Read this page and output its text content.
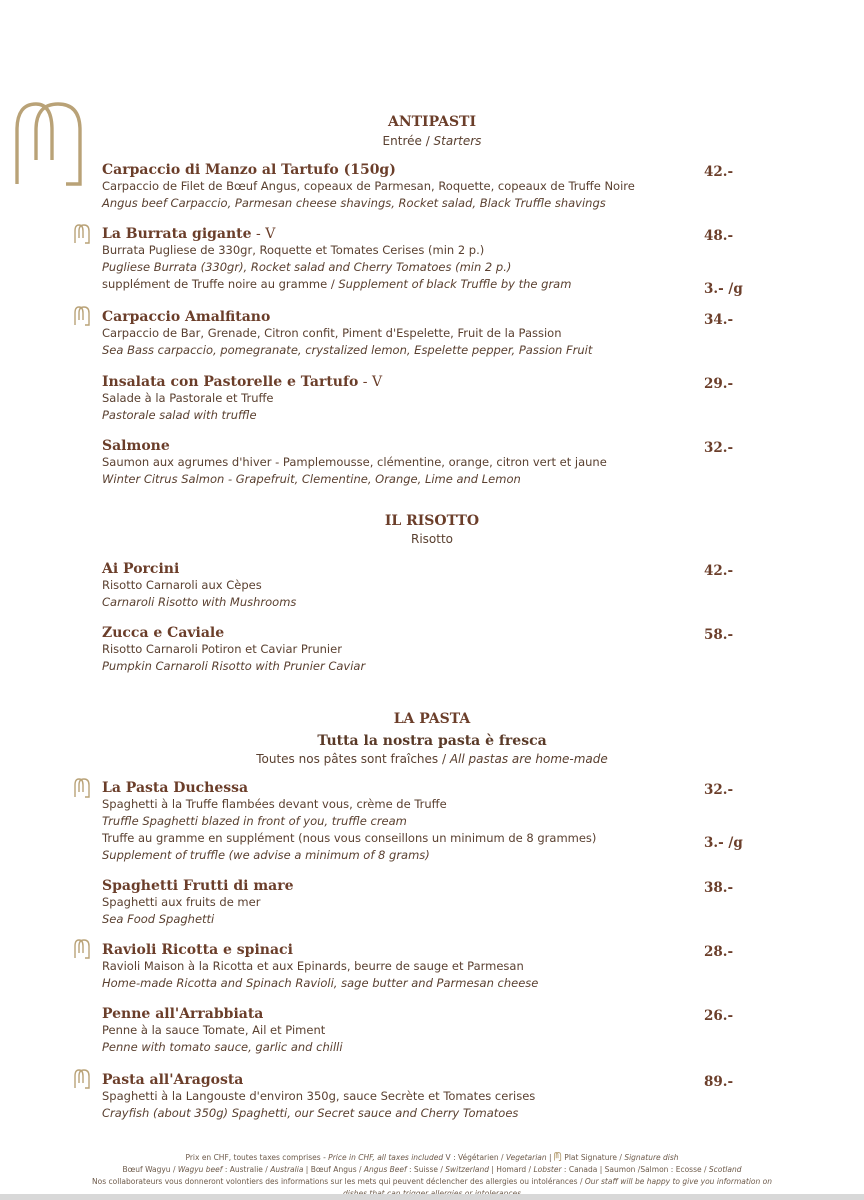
ANTIPASTI
Entrée / Starters
Carpaccio di Manzo al Tartufo (150g)
Carpaccio de Filet de Bœuf Angus, copeaux de Parmesan, Roquette, copeaux de Truffe Noire
Angus beef Carpaccio, Parmesan cheese shavings, Rocket salad, Black Truffle shavings
42.-
La Burrata gigante - V
Burrata Pugliese de 330gr, Roquette et Tomates Cerises (min 2 p.)
Pugliese Burrata (330gr), Rocket salad and Cherry Tomatoes (min 2 p.)
supplément de Truffe noire au gramme / Supplement of black Truffle by the gram
48.-
3.- /g
Carpaccio Amalfitano
Carpaccio de Bar, Grenade, Citron confit, Piment d'Espelette, Fruit de la Passion
Sea Bass carpaccio, pomegranate, crystalized lemon, Espelette pepper, Passion Fruit
34.-
Insalata con Pastorelle e Tartufo - V
Salade à la Pastorale et Truffe
Pastorale salad with truffle
29.-
Salmone
Saumon aux agrumes d'hiver - Pamplemousse, clémentine, orange, citron vert et jaune
Winter Citrus Salmon - Grapefruit, Clementine, Orange, Lime and Lemon
32.-
IL RISOTTO
Risotto
Ai Porcini
Risotto Carnaroli aux Cèpes
Carnaroli Risotto with Mushrooms
42.-
Zucca e Caviale
Risotto Carnaroli Potiron et Caviar Prunier
Pumpkin Carnaroli Risotto with Prunier Caviar
58.-
LA PASTA
Tutta la nostra pasta è fresca
Toutes nos pâtes sont fraîches / All pastas are home-made
La Pasta Duchessa
Spaghetti à la Truffe flambées devant vous, crème de Truffe
Truffle Spaghetti blazed in front of you, truffle cream
Truffe au gramme en supplément (nous vous conseillons un minimum de 8 grammes)
Supplement of truffle (we advise a minimum of 8 grams)
32.-
3.- /g
Spaghetti Frutti di mare
Spaghetti aux fruits de mer
Sea Food Spaghetti
38.-
Ravioli Ricotta e spinaci
Ravioli Maison à la Ricotta et aux Epinards, beurre de sauge et Parmesan
Home-made Ricotta and Spinach Ravioli, sage butter and Parmesan cheese
28.-
Penne all'Arrabbiata
Penne à la sauce Tomate, Ail et Piment
Penne with tomato sauce, garlic and chilli
26.-
Pasta all'Aragosta
Spaghetti à la Langouste d'environ 350g, sauce Secrète et Tomates cerises
Crayfish (about 350g) Spaghetti, our Secret sauce and Cherry Tomatoes
89.-
Prix en CHF, toutes taxes comprises - Price in CHF, all taxes included V : Végétarien / Vegetarian |  Plat Signature / Signature dish
Bœuf Wagyu / Wagyu beef : Australie / Australia | Bœuf Angus / Angus Beef : Suisse / Switzerland | Homard / Lobster : Canada | Saumon /Salmon : Ecosse / Scotland
Nos collaborateurs vous donneront volontiers des informations sur les mets qui peuvent déclencher des allergies ou intolérances / Our staff will be happy to give you information on
